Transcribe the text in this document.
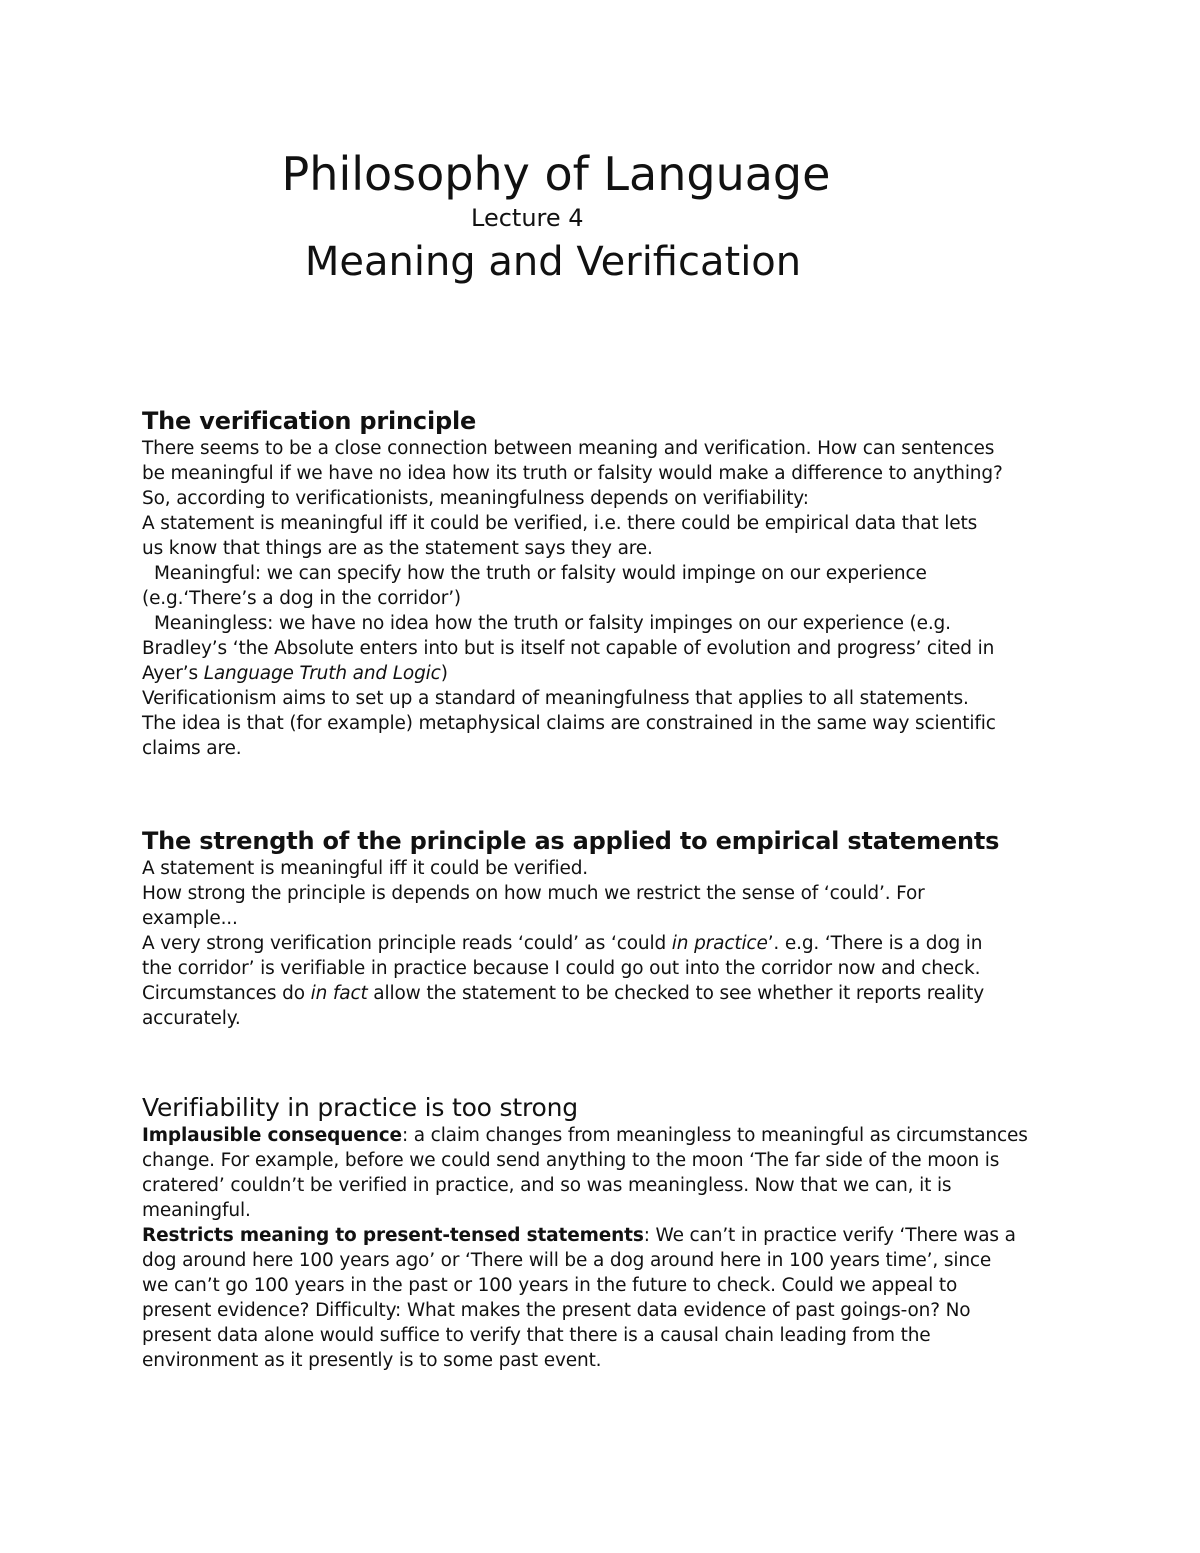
Philosophy of Language
Lecture 4
Meaning and Verification
The verification principle

There seems to be a close connection between meaning and verification. How can sentences

be meaningful if we have no idea how its truth or falsity would make a difference to anything?

So, according to verificationists, meaningfulness depends on verifiability:

A statement is meaningful iff it could be verified, i.e. there could be empirical data that lets

us know that things are as the statement says they are.

Meaningful: we can specify how the truth or falsity would impinge on our experience

(e.g.‘There’s a dog in the corridor’)

Meaningless: we have no idea how the truth or falsity impinges on our experience (e.g.

Bradley’s ‘the Absolute enters into but is itself not capable of evolution and progress’ cited in

Ayer’s Language Truth and Logic)

Verificationism aims to set up a standard of meaningfulness that applies to all statements.

The idea is that (for example) metaphysical claims are constrained in the same way scientific

claims are.

The strength of the principle as applied to empirical statements

A statement is meaningful iff it could be verified.

How strong the principle is depends on how much we restrict the sense of ‘could’. For

example...

A very strong verification principle reads ‘could’ as ‘could in practice’. e.g. ‘There is a dog in

the corridor’ is verifiable in practice because I could go out into the corridor now and check.

Circumstances do in fact allow the statement to be checked to see whether it reports reality

accurately.

Verifiability in practice is too strong

Implausible consequence: a claim changes from meaningless to meaningful as circumstances

change. For example, before we could send anything to the moon ‘The far side of the moon is

cratered’ couldn’t be verified in practice, and so was meaningless. Now that we can, it is

meaningful.

Restricts meaning to present-tensed statements: We can’t in practice verify ‘There was a

dog around here 100 years ago’ or ‘There will be a dog around here in 100 years time’, since

we can’t go 100 years in the past or 100 years in the future to check. Could we appeal to

present evidence? Difficulty: What makes the present data evidence of past goings-on? No

present data alone would suffice to verify that there is a causal chain leading from the

environment as it presently is to some past event.
